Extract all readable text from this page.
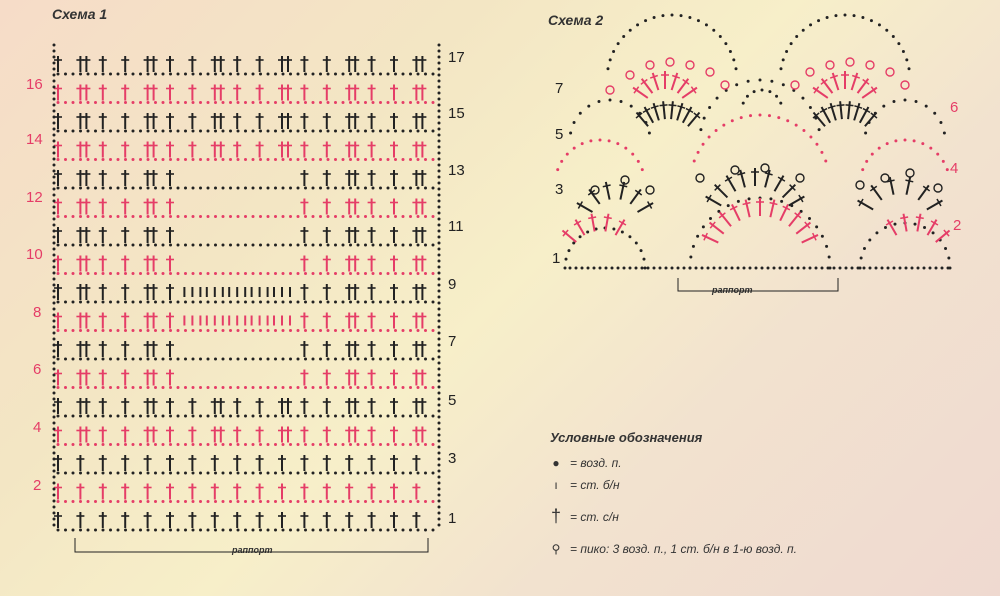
Схема 1
17
15
13
11
9
7
5
3
1
16
14
12
10
8
6
4
2
раппорт
Схема 2
7
5
3
1
6
4
2
раппорт
Условные обозначения
● = возд. п.
ı	= ст. б/н
† = ст. с/н
⚲ = пико: 3 возд. п., 1 ст. б/н в 1-ю возд. п.
